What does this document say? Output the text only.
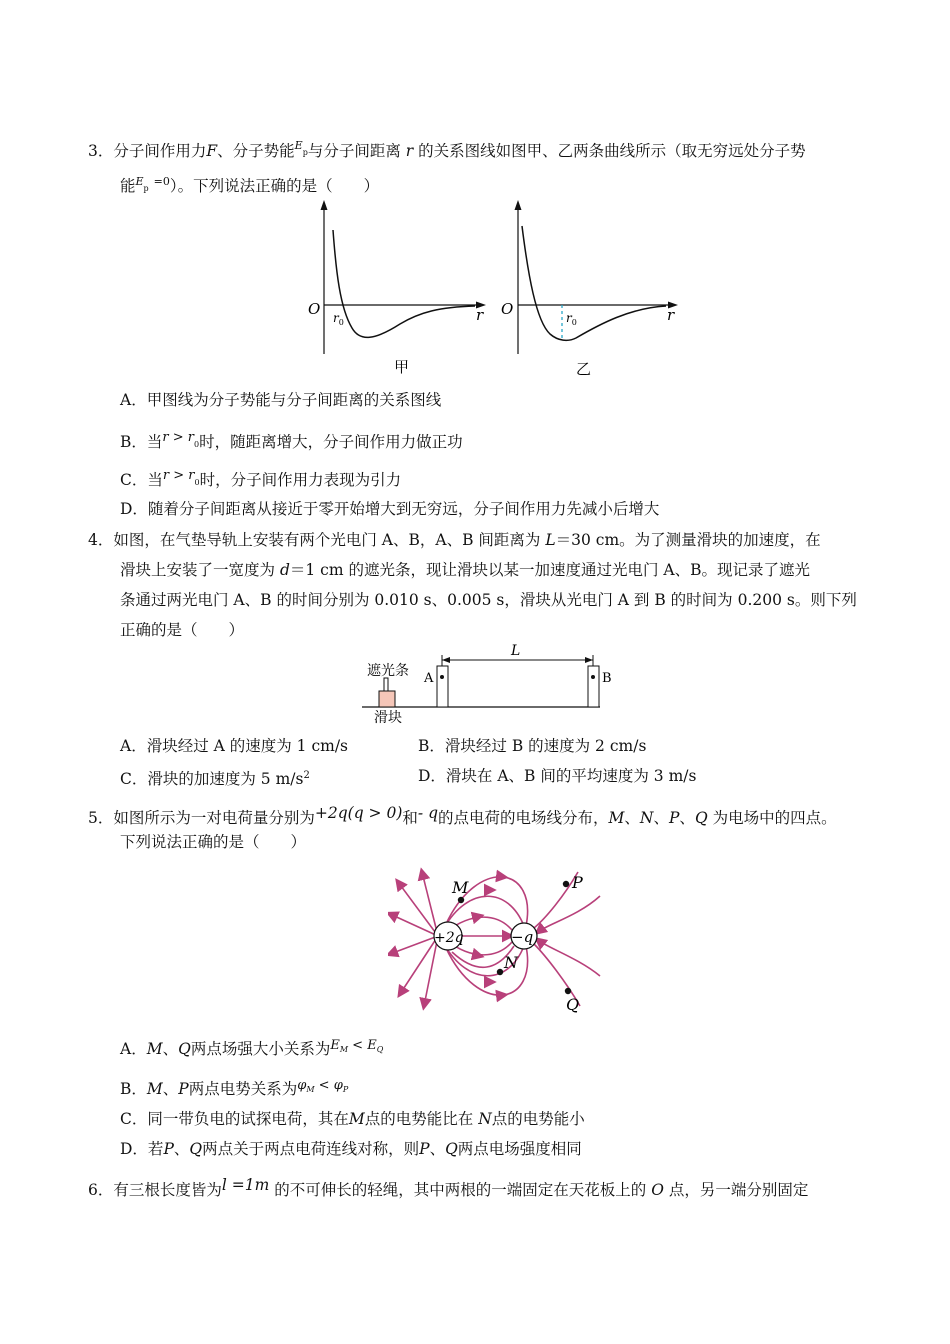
3．分子间作用力F、分子势能$^E$p与分子间距离 r 的关系图线如图甲、乙两条曲线所示（取无穷远处分子势
能$^E$p $^{=0}$）。下列说法正确的是（　　）
O $r_0$	r
甲
O	$r_0$	r
乙
A．甲图线为分子势能与分子间距离的关系图线
B．当$^{r > r}$0时，随距离增大，分子间作用力做正功
C．当$^{r > r}$0时，分子间作用力表现为引力
D．随着分子间距离从接近于零开始增大到无穷远，分子间作用力先减小后增大
4．如图，在气垫导轨上安装有两个光电门 A、B，A、B 间距离为 L＝30 cm。为了测量滑块的加速度，在
滑块上安装了一宽度为 d＝1 cm 的遮光条，现让滑块以某一加速度通过光电门 A、B。现记录了遮光
条通过两光电门 A、B 的时间分别为 0.010 s、0.005 s，滑块从光电门 A 到 B 的时间为 0.200 s。则下列
正确的是（　　）
遮光条
滑块
A	B
L
A．滑块经过 A 的速度为 1 cm/s	B．滑块经过 B 的速度为 2 cm/s
C．滑块的加速度为 5 $m/s^2$	D．滑块在 A、B 间的平均速度为 3 m/s
5．如图所示为一对电荷量分别为+2q(q > 0)和- q的点电荷的电场线分布，M、N、P、Q 为电场中的四点。
下列说法正确的是（　　）
+2q	−q
M
N
P
Q
A．M、Q两点场强大小关系为$^E$M < $^E$Q
B．M、P两点电势关系为$^\varphi$M < $^\varphi$P
C．同一带负电的试探电荷，其在M点的电势能比在 N点的电势能小
D．若P、Q两点关于两点电荷连线对称，则P、Q两点电场强度相同
6．有三根长度皆为l =1m 的不可伸长的轻绳，其中两根的一端固定在天花板上的 O 点，另一端分别固定
